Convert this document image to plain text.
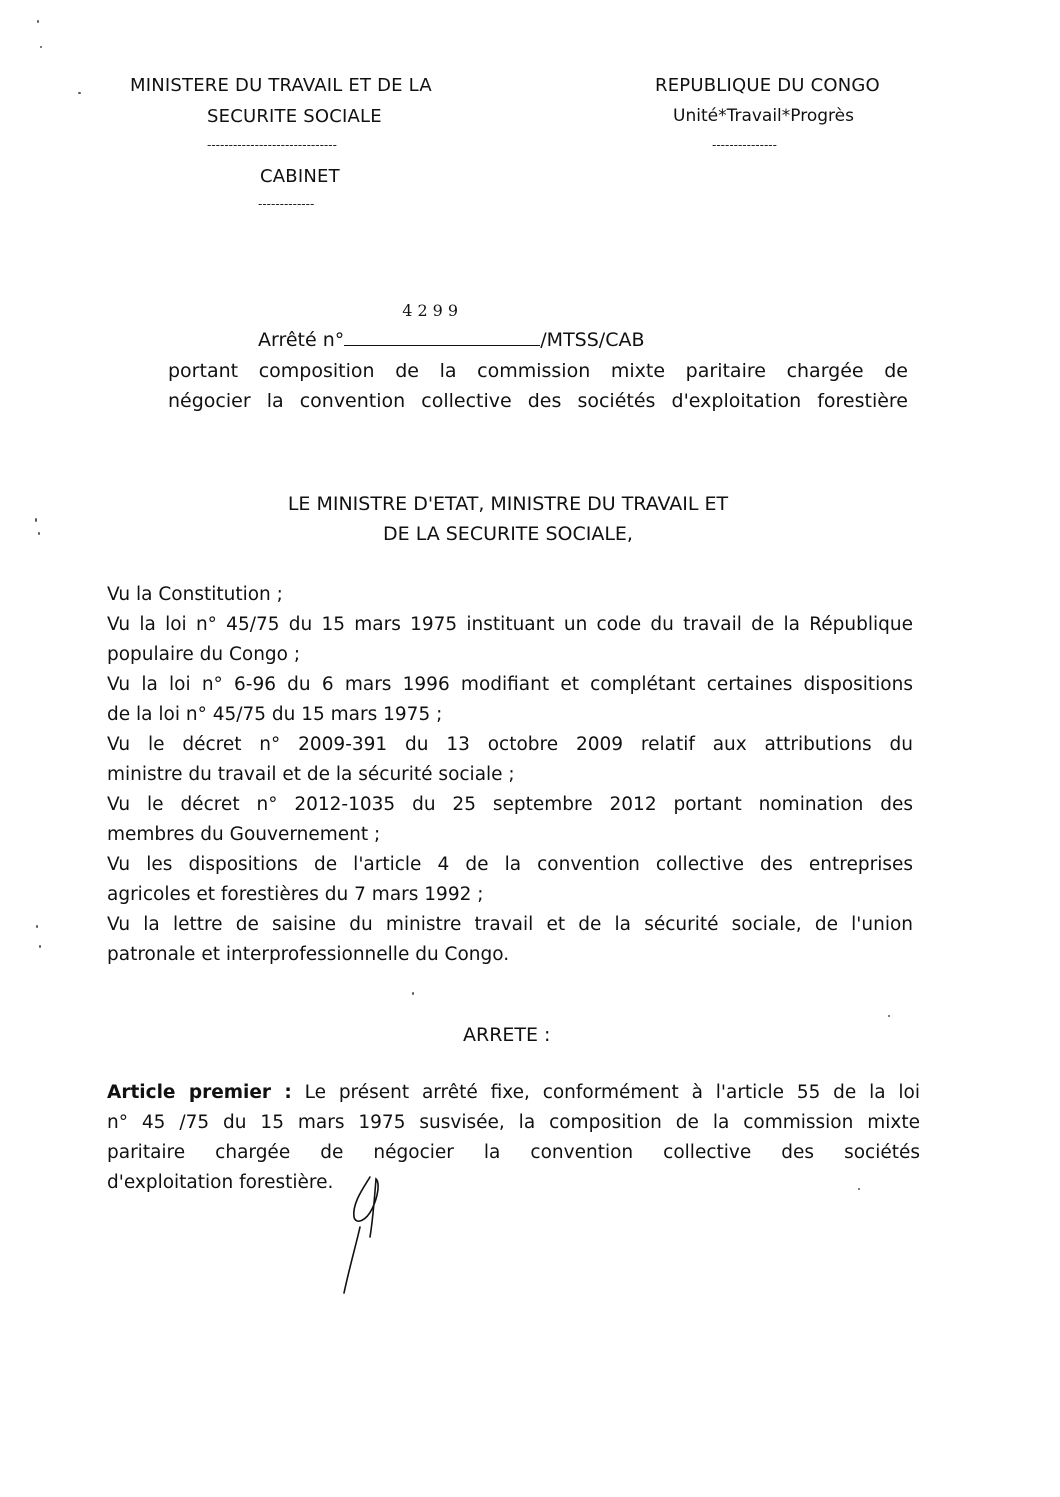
MINISTERE DU TRAVAIL ET DE LA
SECURITE SOCIALE
------------------------------
CABINET
-------------
REPUBLIQUE DU CONGO
Unité*Travail*Progrès
---------------
Arrêté n°
4299
/MTSS/CAB
portant composition de la commission mixte paritaire chargée de
négocier la convention collective des sociétés d'exploitation forestière
LE MINISTRE D'ETAT, MINISTRE DU TRAVAIL ET
DE LA SECURITE SOCIALE,
Vu la Constitution ;
Vu la loi n° 45/75 du 15 mars 1975 instituant un code du travail de la République
populaire du Congo ;
Vu la loi n° 6-96 du 6 mars 1996 modifiant et complétant certaines dispositions
de la loi n° 45/75 du 15 mars 1975 ;
Vu le décret n° 2009-391 du 13 octobre 2009 relatif aux attributions du
ministre du travail et de la sécurité sociale ;
Vu le décret n° 2012-1035 du 25 septembre 2012 portant nomination des
membres du Gouvernement ;
Vu les dispositions de l'article 4 de la convention collective des entreprises
agricoles et forestières du 7 mars 1992 ;
Vu la lettre de saisine du ministre travail et de la sécurité sociale, de l'union
patronale et interprofessionnelle du Congo.
ARRETE :
Article premier : Le présent arrêté fixe, conformément à l'article 55 de la loi
n° 45 /75 du 15 mars 1975 susvisée, la composition de la commission mixte
paritaire chargée de négocier la convention collective des sociétés
d'exploitation forestière.
